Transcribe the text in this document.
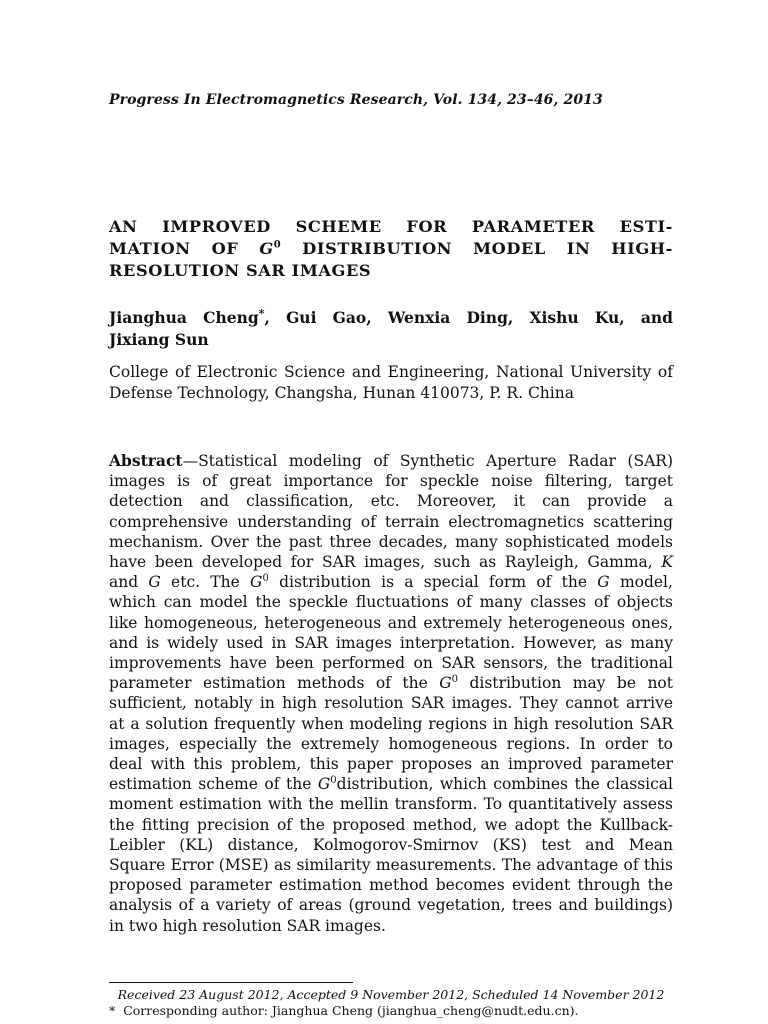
Progress In Electromagnetics Research, Vol. 134, 23–46, 2013
AN IMPROVED SCHEME FOR PARAMETER ESTI-
MATION OF $G^0$ DISTRIBUTION MODEL IN HIGH-
RESOLUTION SAR IMAGES
Jianghua Cheng*, Gui Gao, Wenxia Ding, Xishu Ku, and
Jixiang Sun
College of Electronic Science and Engineering, National University of
Defense Technology, Changsha, Hunan 410073, P. R. China
Abstract—Statistical modeling of Synthetic Aperture Radar (SAR)
images is of great importance for speckle noise filtering, target
detection and classification, etc. Moreover, it can provide a
comprehensive understanding of terrain electromagnetics scattering
mechanism. Over the past three decades, many sophisticated models
have been developed for SAR images, such as Rayleigh, Gamma, K
and G etc. The $G^0$ distribution is a special form of the G model,
which can model the speckle fluctuations of many classes of objects
like homogeneous, heterogeneous and extremely heterogeneous ones,
and is widely used in SAR images interpretation. However, as many
improvements have been performed on SAR sensors, the traditional
parameter estimation methods of the $G^0$ distribution may be not
sufficient, notably in high resolution SAR images. They cannot arrive
at a solution frequently when modeling regions in high resolution SAR
images, especially the extremely homogeneous regions. In order to
deal with this problem, this paper proposes an improved parameter
estimation scheme of the $G^0distribution$, which combines the classical
moment estimation with the mellin transform. To quantitatively assess
the fitting precision of the proposed method, we adopt the Kullback-
Leibler (KL) distance, Kolmogorov-Smirnov (KS) test and Mean
Square Error (MSE) as similarity measurements. The advantage of this
proposed parameter estimation method becomes evident through the
analysis of a variety of areas (ground vegetation, trees and buildings)
in two high resolution SAR images.
Received 23 August 2012, Accepted 9 November 2012, Scheduled 14 November 2012
* Corresponding author: Jianghua Cheng (jianghua_cheng@nudt.edu.cn).
